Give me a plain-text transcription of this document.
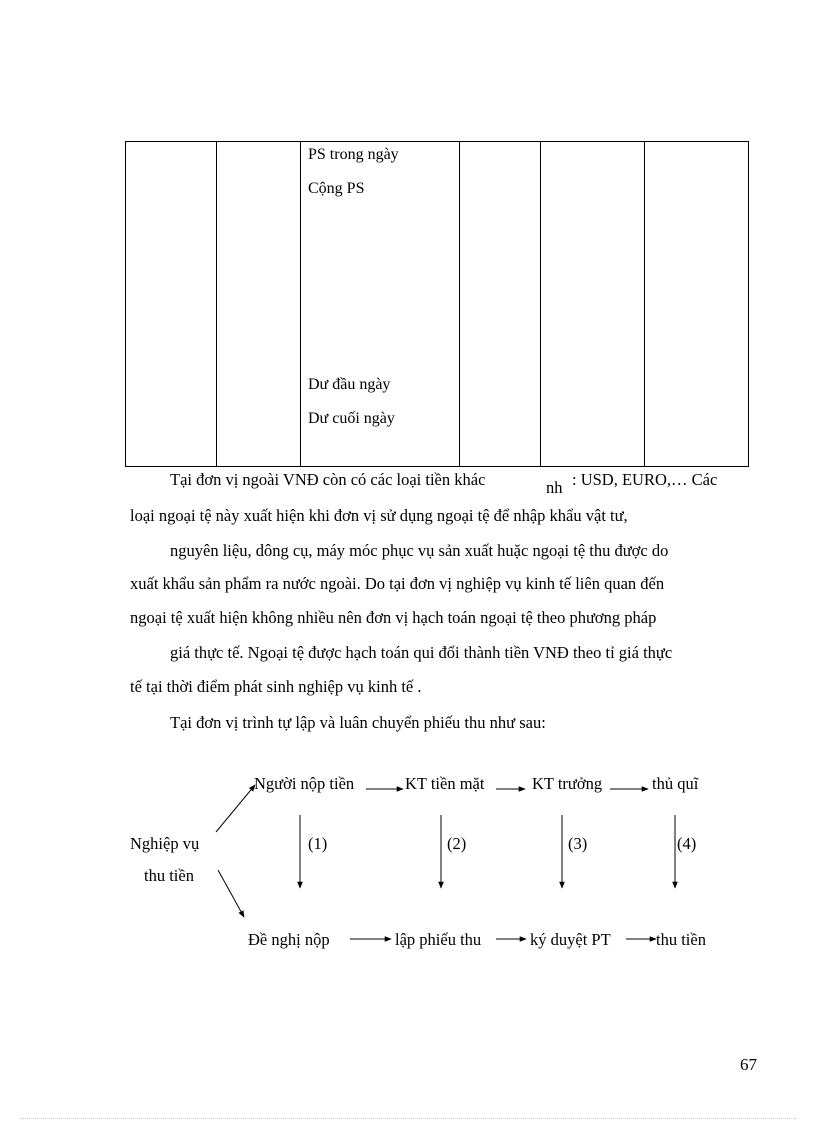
PS trong ngày
Cộng PS
Dư đầu ngày
Dư cuối ngày
Tại đơn vị ngoài VNĐ còn có các loại tiền khác	nh : USD, EURO,… Các
loại ngoại tệ này xuất hiện khi đơn vị sử dụng ngoại tệ để nhập khẩu vật tư,
nguyên liệu, dông cụ, máy móc phục vụ sản xuất huặc ngoại tệ thu được do
xuất khẩu sản phẩm ra nước ngoài. Do tại đơn vị nghiệp vụ kinh tế liên quan đến
ngoại tệ xuất hiện không nhiều nên đơn vị hạch toán ngoại tệ theo phương pháp
giá thực tế. Ngoại tệ được hạch toán qui đổi thành tiền VNĐ theo tỉ giá thực
tế tại thời điểm phát sinh nghiệp vụ kinh tế .
Tại đơn vị trình tự lập và luân chuyển phiếu thu như sau:
Nghiệp vụ
thu tiền
Người nộp tiền	KT tiền mặt	KT trưởng	thủ quĩ
(1)	(2)	(3)	(4)
Đề nghị nộp	lập phiếu thu	ký duyệt PT	thu tiền
67
